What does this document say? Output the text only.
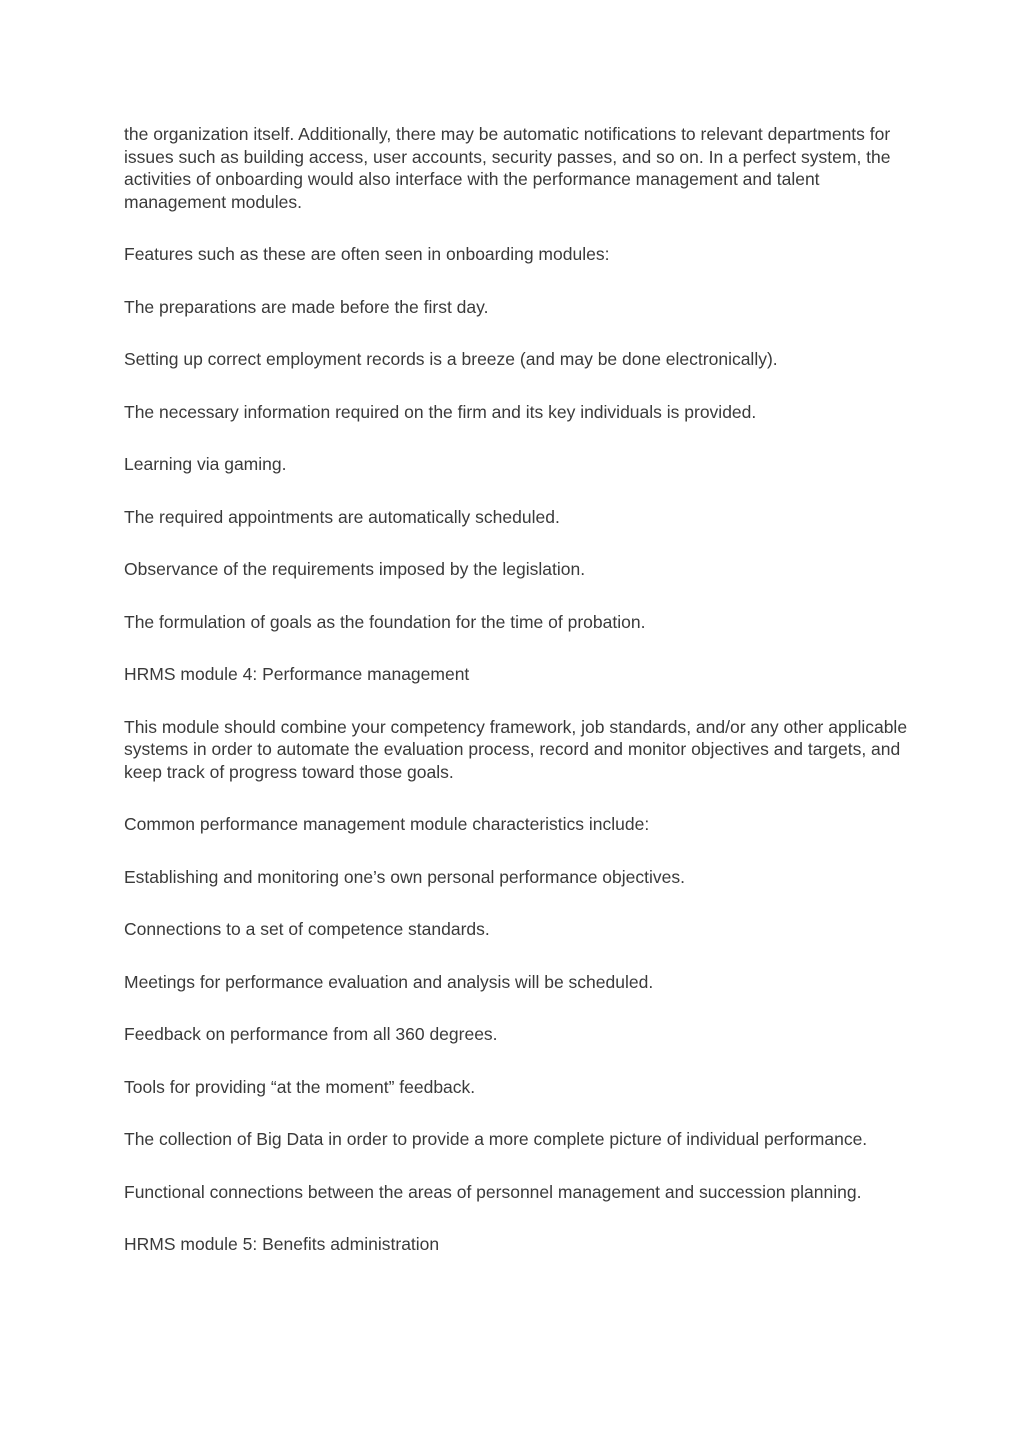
the organization itself. Additionally, there may be automatic notifications to relevant departments for issues such as building access, user accounts, security passes, and so on. In a perfect system, the activities of onboarding would also interface with the performance management and talent management modules.

Features such as these are often seen in onboarding modules:

The preparations are made before the first day.

Setting up correct employment records is a breeze (and may be done electronically).

The necessary information required on the firm and its key individuals is provided.

Learning via gaming.

The required appointments are automatically scheduled.

Observance of the requirements imposed by the legislation.

The formulation of goals as the foundation for the time of probation.

HRMS module 4: Performance management

This module should combine your competency framework, job standards, and/or any other applicable systems in order to automate the evaluation process, record and monitor objectives and targets, and keep track of progress toward those goals.

Common performance management module characteristics include:

Establishing and monitoring one’s own personal performance objectives.

Connections to a set of competence standards.

Meetings for performance evaluation and analysis will be scheduled.

Feedback on performance from all 360 degrees.

Tools for providing “at the moment” feedback.

The collection of Big Data in order to provide a more complete picture of individual performance.

Functional connections between the areas of personnel management and succession planning.

HRMS module 5: Benefits administration
